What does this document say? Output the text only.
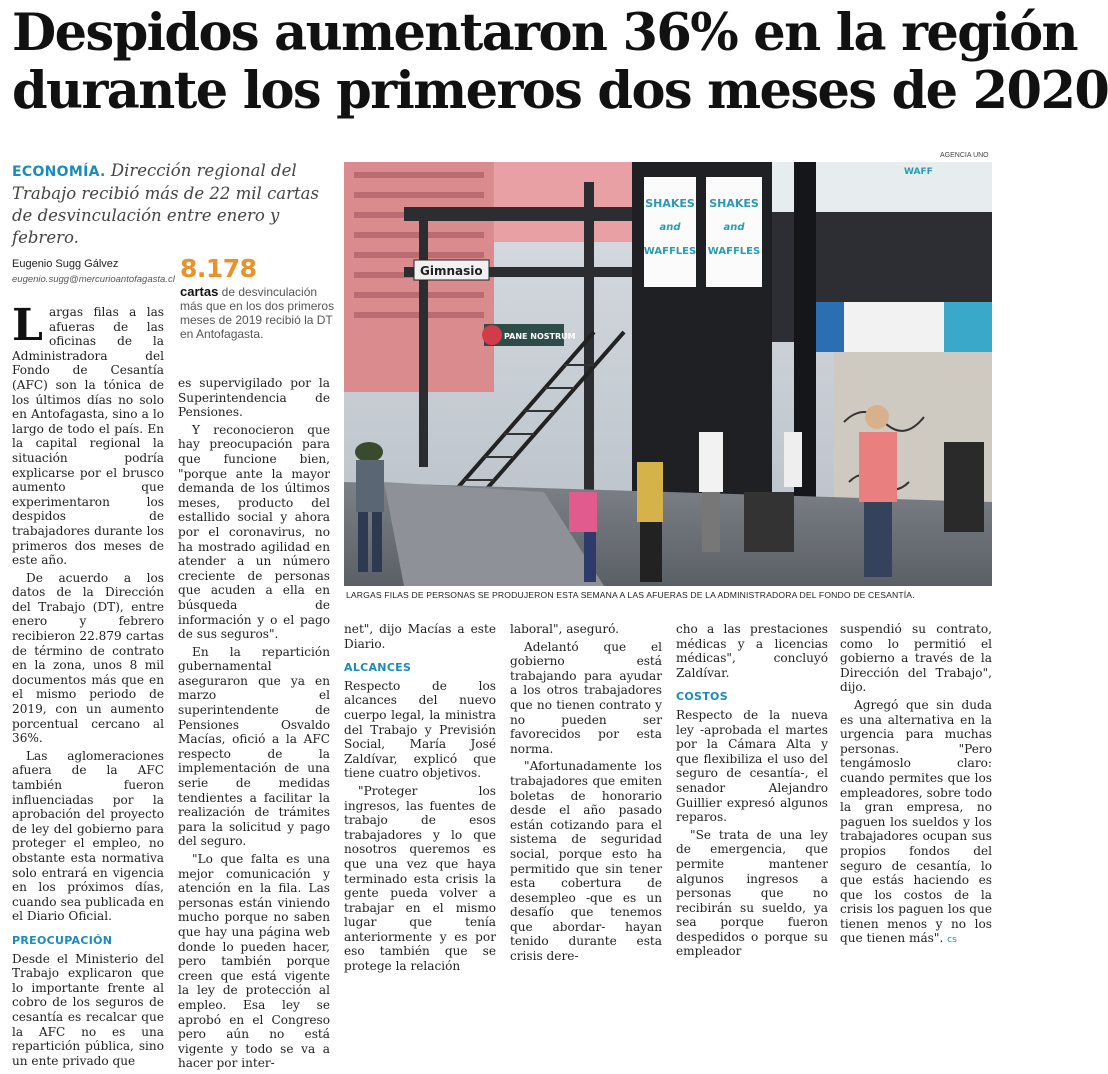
Despidos aumentaron 36% en la región
durante los primeros dos meses de 2020
ECONOMÍA. Dirección regional del Trabajo recibió más de 22 mil cartas de desvinculación entre enero y febrero.
Eugenio Sugg Gálvez
eugenio.sugg@mercurioantofagasta.cl 8.178
cartas de desvinculación más que en los dos primeros meses de 2019 recibió la DT en Antofagasta.

Largas filas a las afueras de las oficinas de la Administradora del Fondo de Cesantía (AFC) son la tónica de los últimos días no solo en Antofagasta, sino a lo largo de todo el país. En la capital regional la situación podría explicarse por el brusco aumento que experimentaron los despidos de trabajadores durante los primeros dos meses de este año.

De acuerdo a los datos de la Dirección del Trabajo (DT), entre enero y febrero recibieron 22.879 cartas de término de contrato en la zona, unos 8 mil documentos más que en el mismo periodo de 2019, con un aumento porcentual cercano al 36%.

Las aglomeraciones afuera de la AFC también fueron influenciadas por la aprobación del proyecto de ley del gobierno para proteger el empleo, no obstante esta normativa solo entrará en vigencia en los próximos días, cuando sea publicada en el Diario Oficial.

PREOCUPACIÓN

Desde el Ministerio del Trabajo explicaron que lo importante frente al cobro de los seguros de cesantía es recalcar que la AFC no es una repartición pública, sino un ente privado que

es supervigilado por la Superintendencia de Pensiones.

Y reconocieron que hay preocupación para que funcione bien, "porque ante la mayor demanda de los últimos meses, producto del estallido social y ahora por el coronavirus, no ha mostrado agilidad en atender a un número creciente de personas que acuden a ella en búsqueda de información y o el pago de sus seguros".

En la repartición gubernamental aseguraron que ya en marzo el superintendente de Pensiones Osvaldo Macías, ofició a la AFC respecto de la implementación de una serie de medidas tendientes a facilitar la realización de trámites para la solicitud y pago del seguro.

"Lo que falta es una mejor comunicación y atención en la fila. Las personas están viniendo mucho porque no saben que hay una página web donde lo pueden hacer, pero también porque creen que está vigente la ley de protección al empleo. Esa ley se aprobó en el Congreso pero aún no está vigente y todo se va a hacer por inter-

AGENCIA UNO
Gimnasio
PANE NOSTRUM
SHAKES
and
WAFFLES
SHAKES
and
WAFFLES
WAFF
LARGAS FILAS DE PERSONAS SE PRODUJERON ESTA SEMANA A LAS AFUERAS DE LA ADMINISTRADORA DEL FONDO DE CESANTÍA.

net", dijo Macías a este Diario.

ALCANCES

Respecto de los alcances del nuevo cuerpo legal, la ministra del Trabajo y Previsión Social, María José Zaldívar, explicó que tiene cuatro objetivos.

"Proteger los ingresos, las fuentes de trabajo de esos trabajadores y lo que nosotros queremos es que una vez que haya terminado esta crisis la gente pueda volver a trabajar en el mismo lugar que tenía anteriormente y es por eso también que se protege la relación

laboral", aseguró.

Adelantó que el gobierno está trabajando para ayudar a los otros trabajadores que no tienen contrato y no pueden ser favorecidos por esta norma.

"Afortunadamente los trabajadores que emiten boletas de honorario desde el año pasado están cotizando para el sistema de seguridad social, porque esto ha permitido que sin tener esta cobertura de desempleo -que es un desafío que tenemos que abordar- hayan tenido durante esta crisis dere-

cho a las prestaciones médicas y a licencias médicas", concluyó Zaldívar.

COSTOS

Respecto de la nueva ley -aprobada el martes por la Cámara Alta y que flexibiliza el uso del seguro de cesantía-, el senador Alejandro Guillier expresó algunos reparos.

"Se trata de una ley de emergencia, que permite mantener algunos ingresos a personas que no recibirán su sueldo, ya sea porque fueron despedidos o porque su empleador

suspendió su contrato, como lo permitió el gobierno a través de la Dirección del Trabajo", dijo.

Agregó que sin duda es una alternativa en la urgencia para muchas personas. "Pero tengámoslo claro: cuando permites que los empleadores, sobre todo la gran empresa, no paguen los sueldos y los trabajadores ocupan sus propios fondos del seguro de cesantía, lo que estás haciendo es que los costos de la crisis los paguen los que tienen menos y no los que tienen más". cs
